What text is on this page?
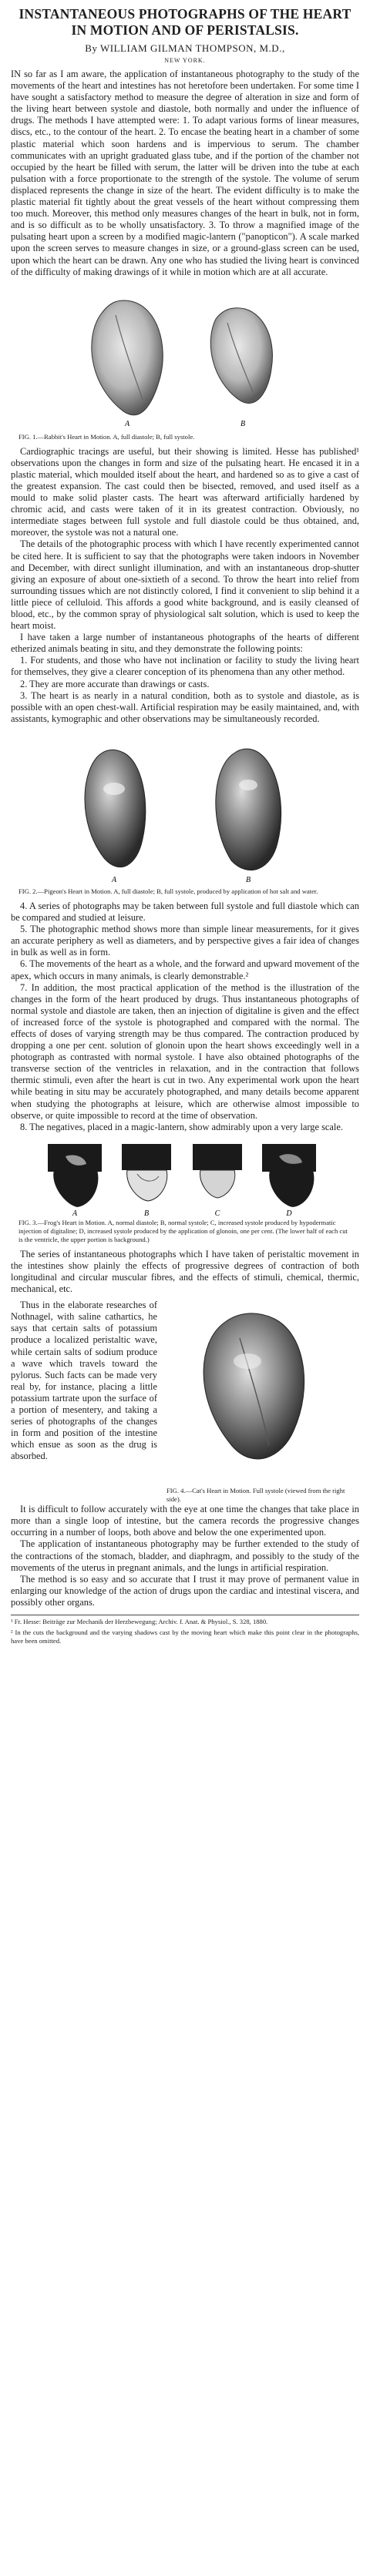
INSTANTANEOUS PHOTOGRAPHS OF THE HEART IN MOTION AND OF PERISTALSIS.
By WILLIAM GILMAN THOMPSON, M.D.,
NEW YORK.

IN so far as I am aware, the application of instantaneous photography to the study of the movements of the heart and intestines has not heretofore been undertaken. For some time I have sought a satisfactory method to measure the degree of alteration in size and form of the living heart between systole and diastole, both normally and under the influence of drugs. The methods I have attempted were: 1. To adapt various forms of linear measures, discs, etc., to the contour of the heart. 2. To encase the beating heart in a chamber of some plastic material which soon hardens and is impervious to serum. The chamber communicates with an upright graduated glass tube, and if the portion of the chamber not occupied by the heart be filled with serum, the latter will be driven into the tube at each pulsation with a force proportionate to the strength of the systole. The volume of serum displaced represents the change in size of the heart. The evident difficulty is to make the plastic material fit tightly about the great vessels of the heart without compressing them too much. Moreover, this method only measures changes of the heart in bulk, not in form, and is so difficult as to be wholly unsatisfactory. 3. To throw a magnified image of the pulsating heart upon a screen by a modified magic-lantern ("panopticon"). A scale marked upon the screen serves to measure changes in size, or a ground-glass screen can be used, upon which the heart can be drawn. Any one who has studied the living heart is convinced of the difficulty of making drawings of it while in motion which are at all accurate.

A	B
FIG. 1.—Rabbit's Heart in Motion. A, full diastole; B, full systole.

Cardiographic tracings are useful, but their showing is limited. Hesse has published¹ observations upon the changes in form and size of the pulsating heart. He encased it in a plastic material, which moulded itself about the heart, and hardened so as to give a cast of the greatest expansion. The cast could then be bisected, removed, and used itself as a mould to make solid plaster casts. The heart was afterward artificially hardened by chromic acid, and casts were taken of it in its greatest contraction. Obviously, no intermediate stages between full systole and full diastole could be thus obtained, and, moreover, the systole was not a natural one.

The details of the photographic process with which I have recently experimented cannot be cited here. It is sufficient to say that the photographs were taken indoors in November and December, with direct sunlight illumination, and with an instantaneous drop-shutter giving an exposure of about one-sixtieth of a second. To throw the heart into relief from surrounding tissues which are not distinctly colored, I find it convenient to slip behind it a little piece of celluloid. This affords a good white background, and is easily cleansed of blood, etc., by the common spray of physiological salt solution, which is used to keep the heart moist.

I have taken a large number of instantaneous photographs of the hearts of different etherized animals beating in situ, and they demonstrate the following points:

1. For students, and those who have not inclination or facility to study the living heart for themselves, they give a clearer conception of its phenomena than any other method.

2. They are more accurate than drawings or casts.

3. The heart is as nearly in a natural condition, both as to systole and diastole, as is possible with an open chest-wall. Artificial respiration may be easily maintained, and, with assistants, kymographic and other observations may be simultaneously recorded.

A	B
FIG. 2.—Pigeon's Heart in Motion. A, full diastole; B, full systole, produced by application of hot salt and water.

4. A series of photographs may be taken between full systole and full diastole which can be compared and studied at leisure.

5. The photographic method shows more than simple linear measurements, for it gives an accurate periphery as well as diameters, and by perspective gives a fair idea of changes in bulk as well as in form.

6. The movements of the heart as a whole, and the forward and upward movement of the apex, which occurs in many animals, is clearly demonstrable.²

7. In addition, the most practical application of the method is the illustration of the changes in the form of the heart produced by drugs. Thus instantaneous photographs of normal systole and diastole are taken, then an injection of digitaline is given and the effect of increased force of the systole is photographed and compared with the normal. The effects of doses of varying strength may be thus compared. The contraction produced by dropping a one per cent. solution of glonoin upon the heart shows exceedingly well in a photograph as contrasted with normal systole. I have also obtained photographs of the transverse section of the ventricles in relaxation, and in the contraction that follows thermic stimuli, even after the heart is cut in two. Any experimental work upon the heart while beating in situ may be accurately photographed, and many details become apparent when studying the photographs at leisure, which are otherwise almost impossible to observe, or quite impossible to record at the time of observation.

8. The negatives, placed in a magic-lantern, show admirably upon a very large scale.

A	B	C	D
FIG. 3.—Frog's Heart in Motion. A, normal diastole; B, normal systole; C, increased systole produced by hypodermatic injection of digitaline; D, increased systole produced by the application of glonoin, one per cent. (The lower half of each cut is the ventricle, the upper portion is background.)

The series of instantaneous photographs which I have taken of peristaltic movement in the intestines show plainly the effects of progressive degrees of contraction of both longitudinal and circular muscular fibres, and the effects of stimuli, chemical, thermic, mechanical, etc.

Thus in the elaborate researches of Nothnagel, with saline cathartics, he says that certain salts of potassium produce a localized peristaltic wave, while certain salts of sodium produce a wave which travels toward the pylorus. Such facts can be made very real by, for instance, placing a little potassium tartrate upon the surface of a portion of mesentery, and taking a series of photographs of the changes in form and position of the intestine which ensue as soon as the drug is absorbed.

FIG. 4.—Cat's Heart in Motion. Full systole (viewed from the right side).

It is difficult to follow accurately with the eye at one time the changes that take place in more than a single loop of intestine, but the camera records the progressive changes occurring in a number of loops, both above and below the one experimented upon.

The application of instantaneous photography may be further extended to the study of the contractions of the stomach, bladder, and diaphragm, and possibly to the study of the movements of the uterus in pregnant animals, and the lungs in artificial respiration.

The method is so easy and so accurate that I trust it may prove of permanent value in enlarging our knowledge of the action of drugs upon the cardiac and intestinal viscera, and possibly other organs.

¹ Fr. Hesse: Beiträge zur Mechanik der Herzbewegung; Archiv. f. Anat. & Physiol., S. 328, 1880.
² In the cuts the background and the varying shadows cast by the moving heart which make this point clear in the photographs, have been omitted.
